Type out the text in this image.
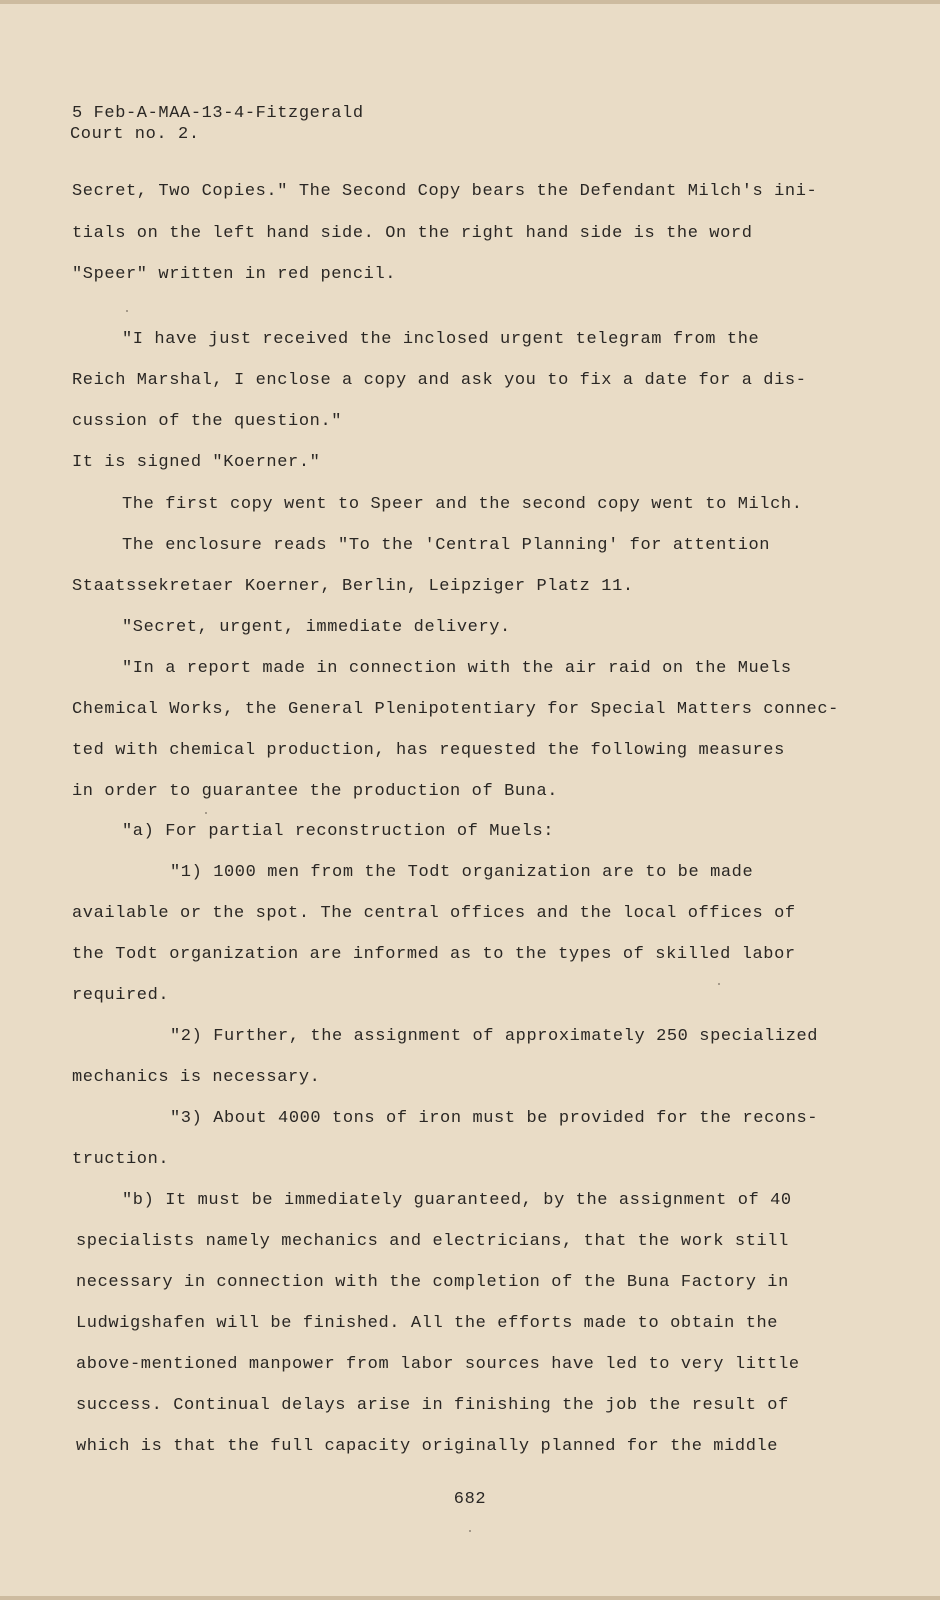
5 Feb-A-MAA-13-4-Fitzgerald
Court no. 2.
Secret, Two Copies." The Second Copy bears the Defendant Milch's ini-
tials on the left hand side. On the right hand side is the word
"Speer" written in red pencil.
"I have just received the inclosed urgent telegram from the
Reich Marshal, I enclose a copy and ask you to fix a date for a dis-
cussion of the question."
It is signed "Koerner."
The first copy went to Speer and the second copy went to Milch.
The enclosure reads "To the 'Central Planning' for attention
Staatssekretaer Koerner, Berlin, Leipziger Platz 11.
"Secret, urgent, immediate delivery.
"In a report made in connection with the air raid on the Muels
Chemical Works, the General Plenipotentiary for Special Matters connec-
ted with chemical production, has requested the following measures
in order to guarantee the production of Buna.
"a) For partial reconstruction of Muels:
"1) 1000 men from the Todt organization are to be made
available or the spot. The central offices and the local offices of
the Todt organization are informed as to the types of skilled labor
required.
"2) Further, the assignment of approximately 250 specialized
mechanics is necessary.
"3) About 4000 tons of iron must be provided for the recons-
truction.
"b) It must be immediately guaranteed, by the assignment of 40
specialists namely mechanics and electricians, that the work still
necessary in connection with the completion of the Buna Factory in
Ludwigshafen will be finished. All the efforts made to obtain the
above-mentioned manpower from labor sources have led to very little
success. Continual delays arise in finishing the job the result of
which is that the full capacity originally planned for the middle
682
